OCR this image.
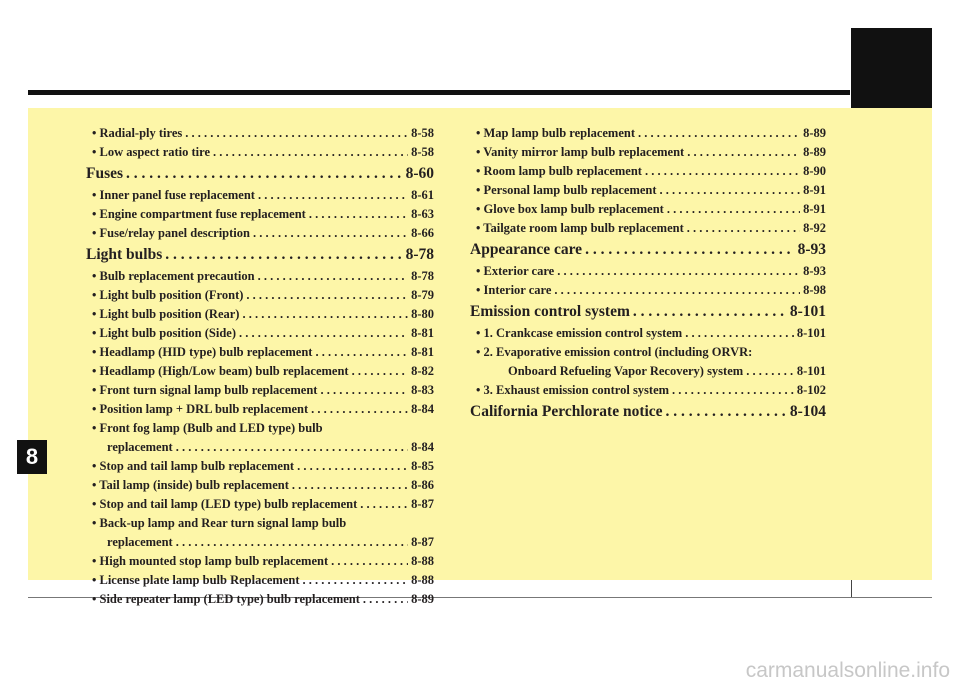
8
• Radial-ply tires . . .	8-58
• Low aspect ratio tire . . .	8-58
Fuses . . .	8-60
• Inner panel fuse replacement . . .	8-61
• Engine compartment fuse replacement . . .	8-63
• Fuse/relay panel description . . .	8-66
Light bulbs . . .	8-78
• Bulb replacement precaution . . .	8-78
• Light bulb position (Front) . . .	8-79
• Light bulb position (Rear) . . .	8-80
• Light bulb position (Side) . . .	8-81
• Headlamp (HID type) bulb replacement . . .	8-81
• Headlamp (High/Low beam) bulb replacement . . .	8-82
• Front turn signal lamp bulb replacement . . .	8-83
• Position lamp + DRL bulb replacement . . .	8-84
• Front fog lamp (Bulb and LED type) bulb
replacement . . .	8-84
• Stop and tail lamp bulb replacement . . .	8-85
• Tail lamp (inside) bulb replacement . . .	8-86
• Stop and tail lamp (LED type) bulb replacement . . .	8-87
• Back-up lamp and Rear turn signal lamp bulb
replacement . . .	8-87
• High mounted stop lamp bulb replacement . . .	8-88
• License plate lamp bulb Replacement . . .	8-88
• Side repeater lamp (LED type) bulb replacement . . .	8-89
• Map lamp bulb replacement . . .	8-89
• Vanity mirror lamp bulb replacement . . .	8-89
• Room lamp bulb replacement . . .	8-90
• Personal lamp bulb replacement . . .	8-91
• Glove box lamp bulb replacement . . .	8-91
• Tailgate room lamp bulb replacement . . .	8-92
Appearance care . . .	8-93
• Exterior care . . .	8-93
• Interior care . . .	8-98
Emission control system . . .	8-101
• 1. Crankcase emission control system . . .	8-101
• 2. Evaporative emission control (including ORVR:
Onboard Refueling Vapor Recovery) system . . .	8-101
• 3. Exhaust emission control system . . .	8-102
California Perchlorate notice . . .	8-104
carmanualsonline.info
